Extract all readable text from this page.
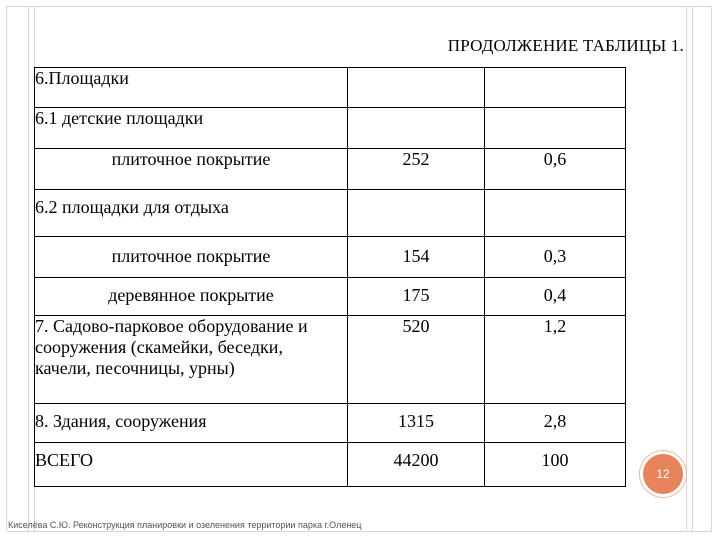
ПРОДОЛЖЕНИЕ ТАБЛИЦЫ 1.
6.Площадки		
6.1 детские площадки		
плиточное покрытие	252	0,6
6.2 площадки для отдыха		
плиточное покрытие	154	0,3
деревянное покрытие	175	0,4
7. Садово-парковое оборудование и сооружения (скамейки, беседки, качели, песочницы, урны)	520	1,2
8. Здания, сооружения	1315	2,8
ВСЕГО	44200	100
12
Киселёва С.Ю. Реконструкция планировки и озеленения территории парка г.Оленец
